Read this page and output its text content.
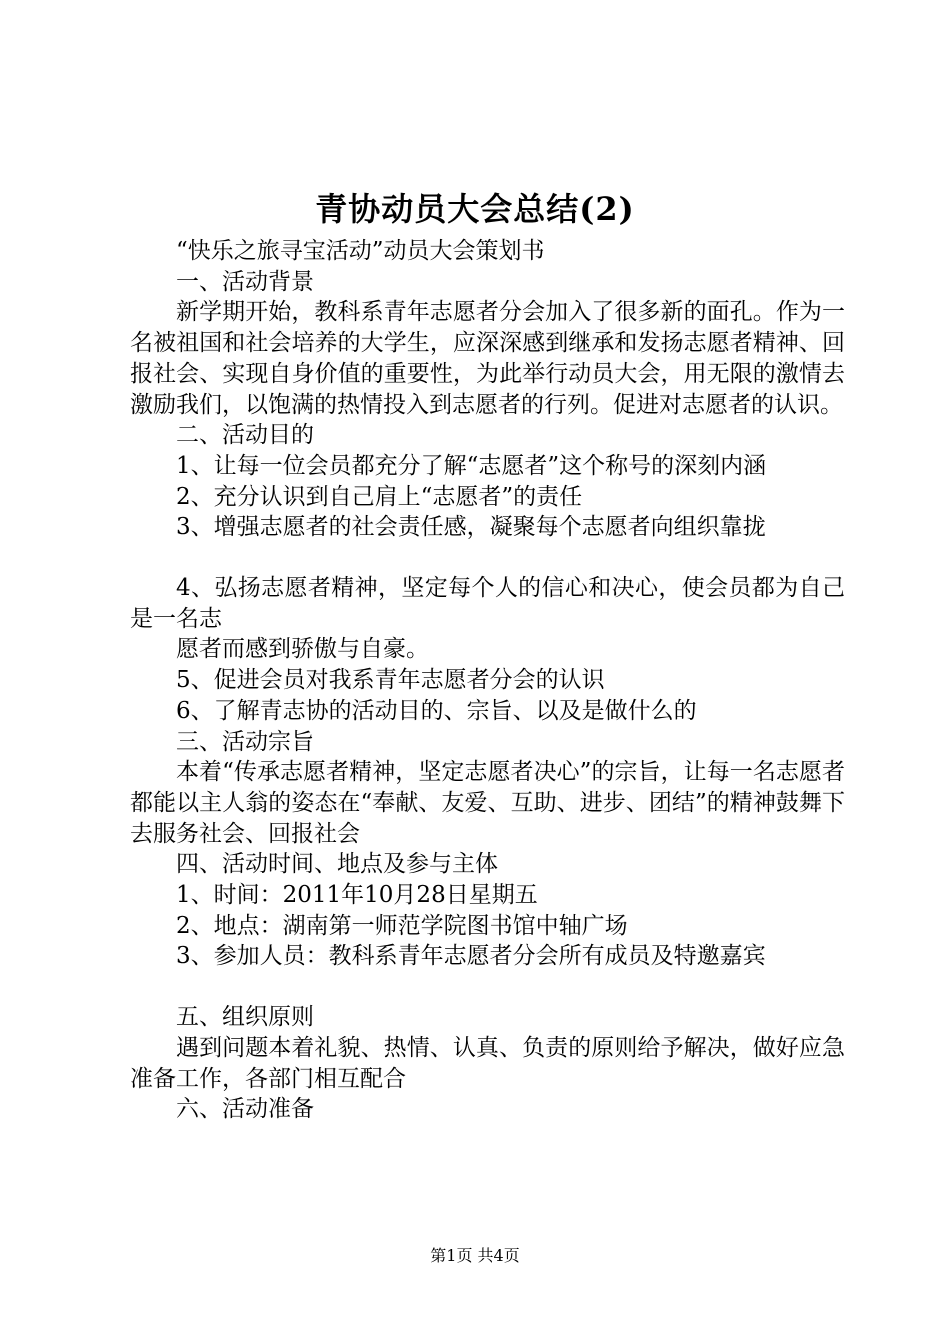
青协动员大会总结(2)

“快乐之旅寻宝活动”动员大会策划书

一、活动背景

新学期开始，教科系青年志愿者分会加入了很多新的面孔。作为一名被祖国和社会培养的大学生，应深深感到继承和发扬志愿者精神、回报社会、实现自身价值的重要性，为此举行动员大会，用无限的激情去激励我们，以饱满的热情投入到志愿者的行列。促进对志愿者的认识。

二、活动目的

1、让每一位会员都充分了解“志愿者”这个称号的深刻内涵

2、充分认识到自己肩上“志愿者”的责任

3、增强志愿者的社会责任感，凝聚每个志愿者向组织靠拢

4、弘扬志愿者精神，坚定每个人的信心和决心，使会员都为自己是一名志

愿者而感到骄傲与自豪。

5、促进会员对我系青年志愿者分会的认识

6、了解青志协的活动目的、宗旨、以及是做什么的

三、活动宗旨

本着“传承志愿者精神，坚定志愿者决心”的宗旨，让每一名志愿者都能以主人翁的姿态在“奉献、友爱、互助、进步、团结”的精神鼓舞下去服务社会、回报社会

四、活动时间、地点及参与主体

1、时间：2011年10月28日星期五

2、地点：湖南第一师范学院图书馆中轴广场

3、参加人员：教科系青年志愿者分会所有成员及特邀嘉宾

五、组织原则

遇到问题本着礼貌、热情、认真、负责的原则给予解决，做好应急准备工作，各部门相互配合

六、活动准备

第1页 共4页
